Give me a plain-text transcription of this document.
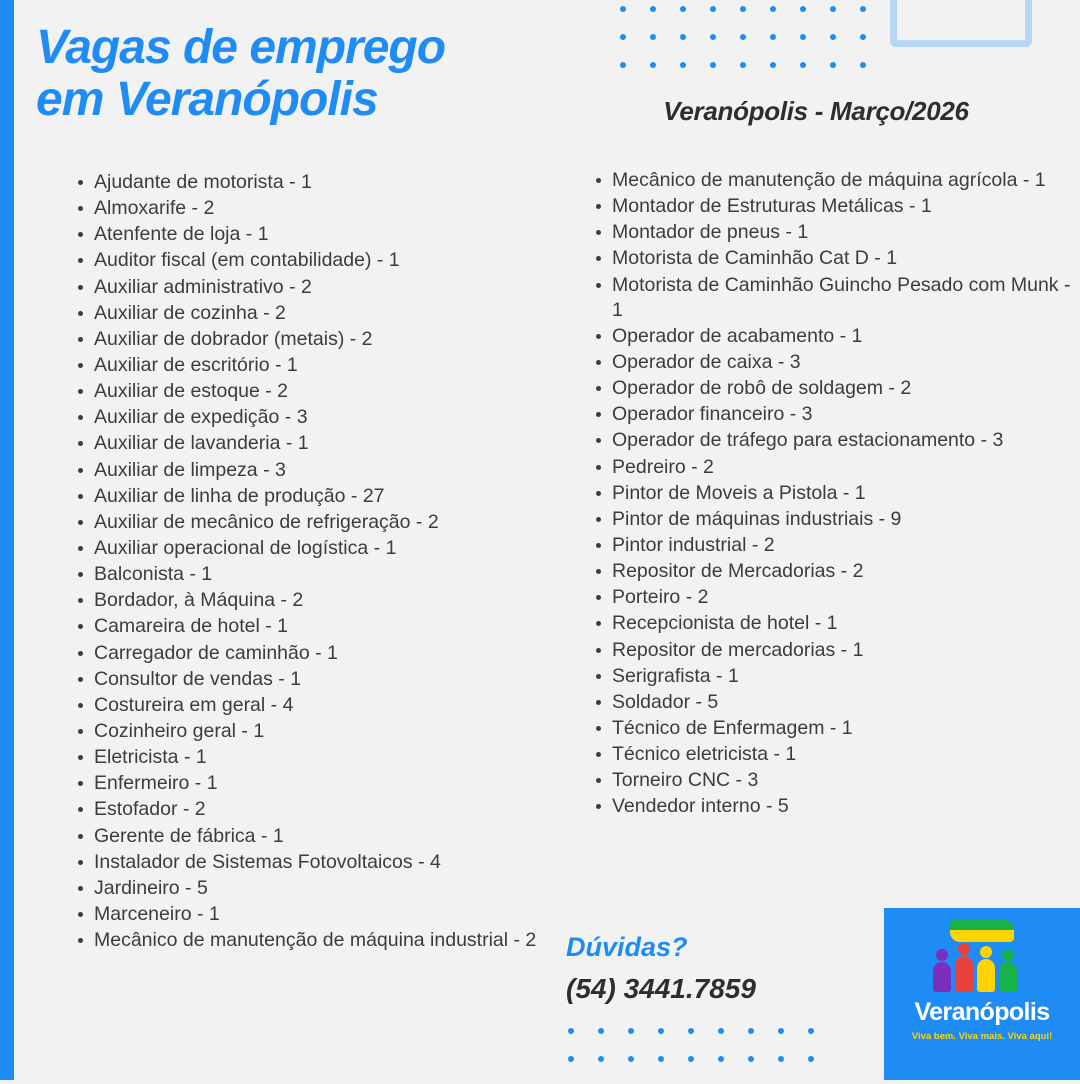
Vagas de emprego
em Veranópolis	Veranópolis - Março/2026
Ajudante de motorista - 1
Almoxarife - 2
Atenfente de loja - 1
Auditor fiscal (em contabilidade) - 1
Auxiliar administrativo - 2
Auxiliar de cozinha - 2
Auxiliar de dobrador (metais) - 2
Auxiliar de escritório - 1
Auxiliar de estoque - 2
Auxiliar de expedição - 3
Auxiliar de lavanderia - 1
Auxiliar de limpeza - 3
Auxiliar de linha de produção - 27
Auxiliar de mecânico de refrigeração - 2
Auxiliar operacional de logística - 1
Balconista - 1
Bordador, à Máquina - 2
Camareira de hotel - 1
Carregador de caminhão - 1
Consultor de vendas - 1
Costureira em geral - 4
Cozinheiro geral - 1
Eletricista - 1
Enfermeiro - 1
Estofador - 2
Gerente de fábrica - 1
Instalador de Sistemas Fotovoltaicos - 4
Jardineiro - 5
Marceneiro - 1
Mecânico de manutenção de máquina industrial - 2
Mecânico de manutenção de máquina agrícola - 1
Montador de Estruturas Metálicas - 1
Montador de pneus - 1
Motorista de Caminhão Cat D - 1
Motorista de Caminhão Guincho Pesado com Munk - 1
Operador de acabamento - 1
Operador de caixa - 3
Operador de robô de soldagem - 2
Operador financeiro - 3
Operador de tráfego para estacionamento - 3
Pedreiro - 2
Pintor de Moveis a Pistola - 1
Pintor de máquinas industriais - 9
Pintor industrial - 2
Repositor de Mercadorias - 2
Porteiro - 2
Recepcionista de hotel - 1
Repositor de mercadorias - 1
Serigrafista - 1
Soldador - 5
Técnico de Enfermagem - 1
Técnico eletricista - 1
Torneiro CNC - 3
Vendedor interno - 5

Dúvidas?

(54) 3441.7859

Veranópolis
Viva bem. Viva mais. Viva aqui!
